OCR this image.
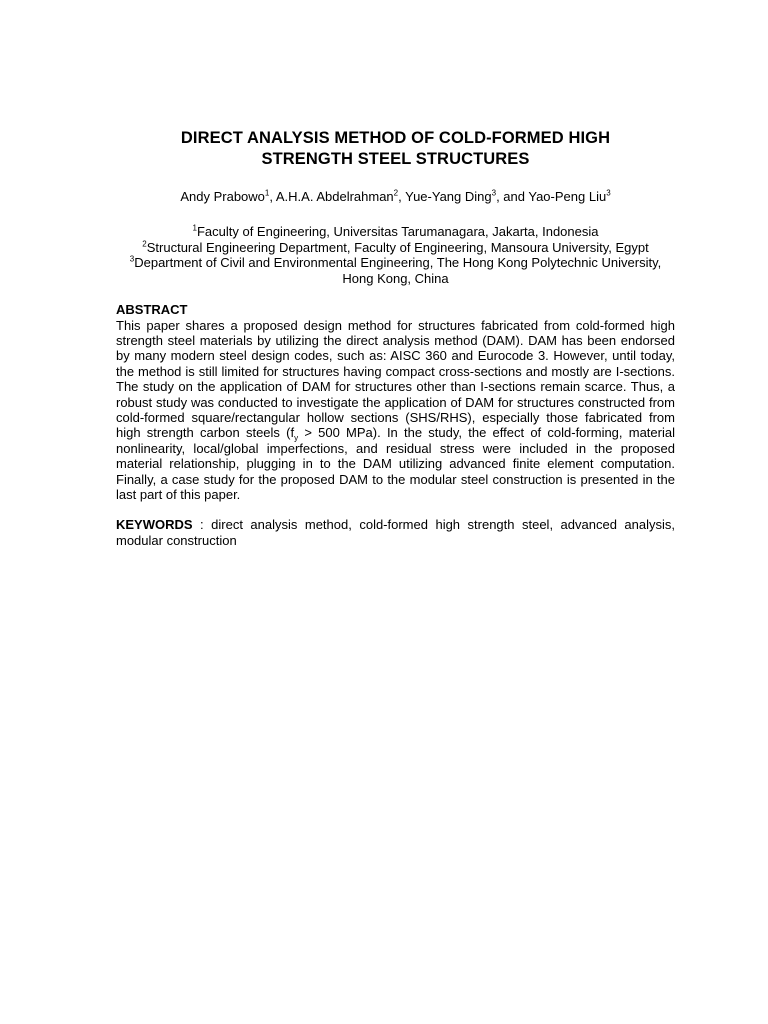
DIRECT ANALYSIS METHOD OF COLD-FORMED HIGH
STRENGTH STEEL STRUCTURES
Andy Prabowo$^1$, A.H.A. Abdelrahman$^2$, Yue-Yang Ding$^3$, and Yao-Peng Liu$^3$
$^1$Faculty of Engineering, Universitas Tarumanagara, Jakarta, Indonesia
$^2$Structural Engineering Department, Faculty of Engineering, Mansoura University, Egypt
$^3$Department of Civil and Environmental Engineering, The Hong Kong Polytechnic University, Hong Kong, China
ABSTRACT

This paper shares a proposed design method for structures fabricated from cold-formed high strength steel materials by utilizing the direct analysis method (DAM). DAM has been endorsed by many modern steel design codes, such as: AISC 360 and Eurocode 3. However, until today, the method is still limited for structures having compact cross-sections and mostly are I-sections. The study on the application of DAM for structures other than I-sections remain scarce. Thus, a robust study was conducted to investigate the application of DAM for structures constructed from cold-formed square/rectangular hollow sections (SHS/RHS), especially those fabricated from high strength carbon steels ($f_y > 500$ MPa). In the study, the effect of cold-forming, material nonlinearity, local/global imperfections, and residual stress were included in the proposed material relationship, plugging in to the DAM utilizing advanced finite element computation. Finally, a case study for the proposed DAM to the modular steel construction is presented in the last part of this paper.

KEYWORDS : direct analysis method, cold-formed high strength steel, advanced analysis, modular construction
